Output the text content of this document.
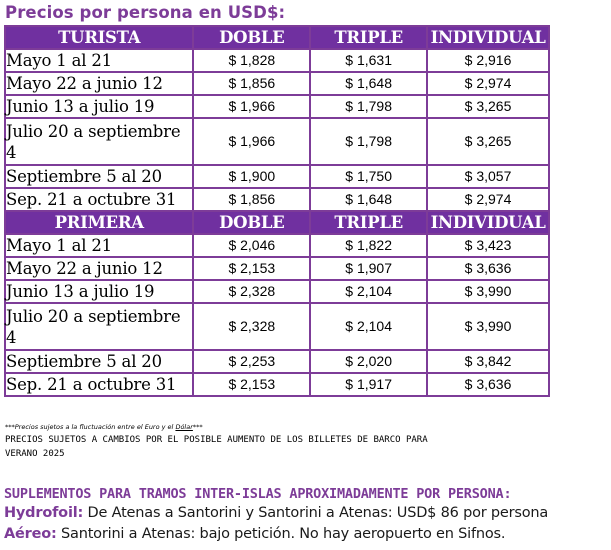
Precios por persona en USD$:
TURISTA	DOBLE	TRIPLE	INDIVIDUAL
Mayo 1 al 21	$ 1,828	$ 1,631	$ 2,916
Mayo 22 a junio 12	$ 1,856	$ 1,648	$ 2,974
Junio 13 a julio 19	$ 1,966	$ 1,798	$ 3,265
Julio 20 a septiembre 4	$ 1,966	$ 1,798	$ 3,265
Septiembre 5 al 20	$ 1,900	$ 1,750	$ 3,057
Sep. 21 a octubre 31	$ 1,856	$ 1,648	$ 2,974
PRIMERA	DOBLE	TRIPLE	INDIVIDUAL
Mayo 1 al 21	$ 2,046	$ 1,822	$ 3,423
Mayo 22 a junio 12	$ 2,153	$ 1,907	$ 3,636
Junio 13 a julio 19	$ 2,328	$ 2,104	$ 3,990
Julio 20 a septiembre 4	$ 2,328	$ 2,104	$ 3,990
Septiembre 5 al 20	$ 2,253	$ 2,020	$ 3,842
Sep. 21 a octubre 31	$ 2,153	$ 1,917	$ 3,636
***Precios sujetos a la fluctuación entre el Euro y el Dólar***
PRECIOS SUJETOS A CAMBIOS POR EL POSIBLE AUMENTO DE LOS BILLETES DE BARCO PARA VERANO 2025
SUPLEMENTOS PARA TRAMOS INTER-ISLAS APROXIMADAMENTE POR PERSONA:
Hydrofoil: De Atenas a Santorini y Santorini a Atenas: USD$ 86 por persona
Aéreo: Santorini a Atenas: bajo petición. No hay aeropuerto en Sifnos.
